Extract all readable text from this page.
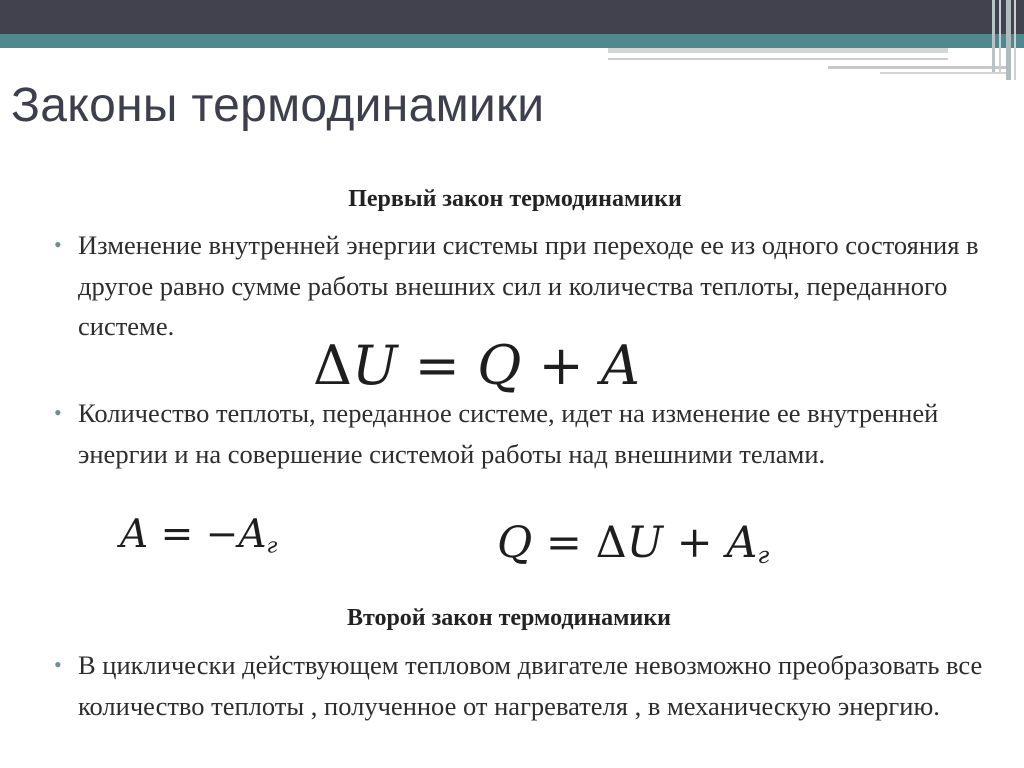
Законы термодинамики
Первый закон термодинамики
• Изменение внутренней энергии системы при переходе ее из одного состояния в другое равно сумме работы внешних сил и количества теплоты, переданного системе.
ΔU = Q + A
• Количество теплоты, переданное системе, идет на изменение ее внутренней энергии и на совершение системой работы над внешними телами.
$A = -A_г$	$Q = \Delta U + A_г$
Второй закон термодинамики
• В циклически действующем тепловом двигателе невозможно преобразовать все количество теплоты , полученное от нагревателя , в механическую энергию.
